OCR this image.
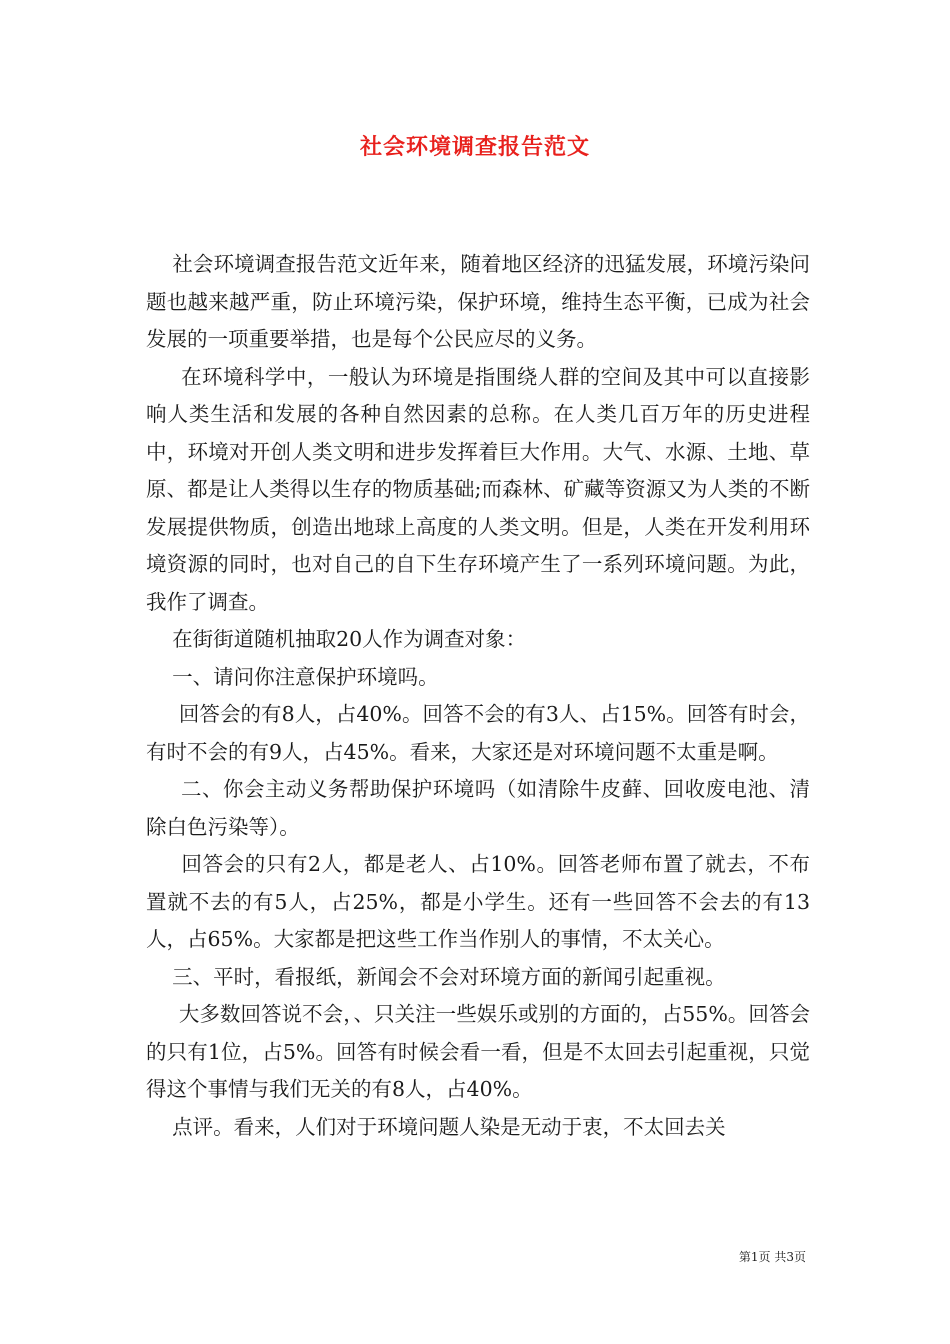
社会环境调查报告范文

社会环境调查报告范文近年来，随着地区经济的迅猛发展，环境污染问题也越来越严重，防止环境污染，保护环境，维持生态平衡，已成为社会发展的一项重要举措，也是每个公民应尽的义务。

在环境科学中，一般认为环境是指围绕人群的空间及其中可以直接影响人类生活和发展的各种自然因素的总称。在人类几百万年的历史进程中，环境对开创人类文明和进步发挥着巨大作用。大气、水源、土地、草原、都是让人类得以生存的物质基础;而森林、矿藏等资源又为人类的不断发展提供物质，创造出地球上高度的人类文明。但是，人类在开发利用环境资源的同时，也对自己的自下生存环境产生了一系列环境问题。为此，我作了调查。

在街街道随机抽取20人作为调查对象：

一、请问你注意保护环境吗。

回答会的有8人，占40%。回答不会的有3人、占15%。回答有时会，有时不会的有9人，占45%。看来，大家还是对环境问题不太重是啊。

二、你会主动义务帮助保护环境吗（如清除牛皮藓、回收废电池、清除白色污染等）。

回答会的只有2人，都是老人、占10%。回答老师布置了就去，不布置就不去的有5人，占25%，都是小学生。还有一些回答不会去的有13人，占65%。大家都是把这些工作当作别人的事情，不太关心。

三、平时，看报纸，新闻会不会对环境方面的新闻引起重视。

大多数回答说不会，、只关注一些娱乐或别的方面的，占55%。回答会的只有1位，占5%。回答有时候会看一看，但是不太回去引起重视，只觉得这个事情与我们无关的有8人，占40%。

点评。看来，人们对于环境问题人染是无动于衷，不太回去关

第1页 共3页
